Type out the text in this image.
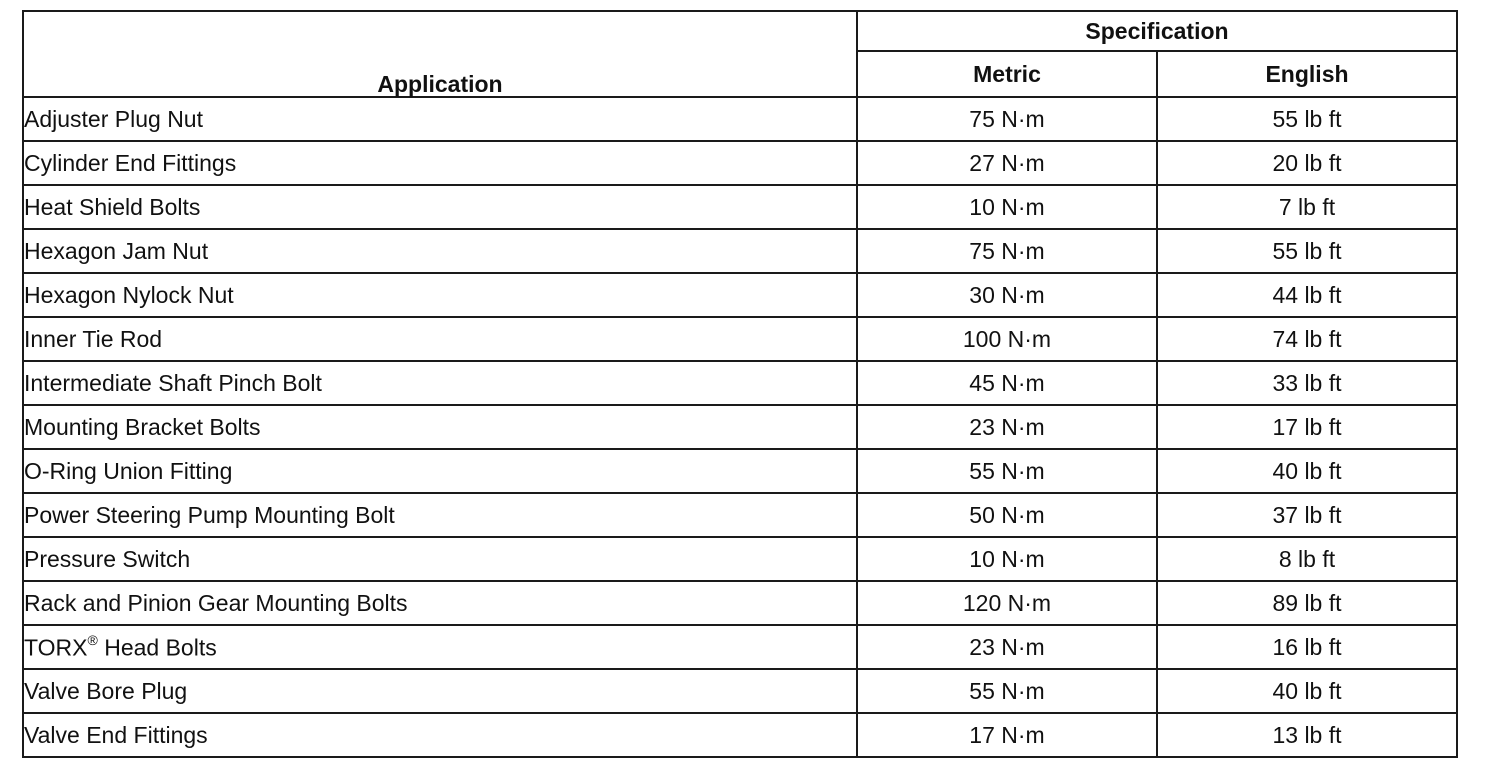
Application	Specification	
	Metric	English
Adjuster Plug Nut	75 N·m	55 lb ft
Cylinder End Fittings	27 N·m	20 lb ft
Heat Shield Bolts	10 N·m	7 lb ft
Hexagon Jam Nut	75 N·m	55 lb ft
Hexagon Nylock Nut	30 N·m	44 lb ft
Inner Tie Rod	100 N·m	74 lb ft
Intermediate Shaft Pinch Bolt	45 N·m	33 lb ft
Mounting Bracket Bolts	23 N·m	17 lb ft
O-Ring Union Fitting	55 N·m	40 lb ft
Power Steering Pump Mounting Bolt	50 N·m	37 lb ft
Pressure Switch	10 N·m	8 lb ft
Rack and Pinion Gear Mounting Bolts	120 N·m	89 lb ft
TORX® Head Bolts	23 N·m	16 lb ft
Valve Bore Plug	55 N·m	40 lb ft
Valve End Fittings	17 N·m	13 lb ft
